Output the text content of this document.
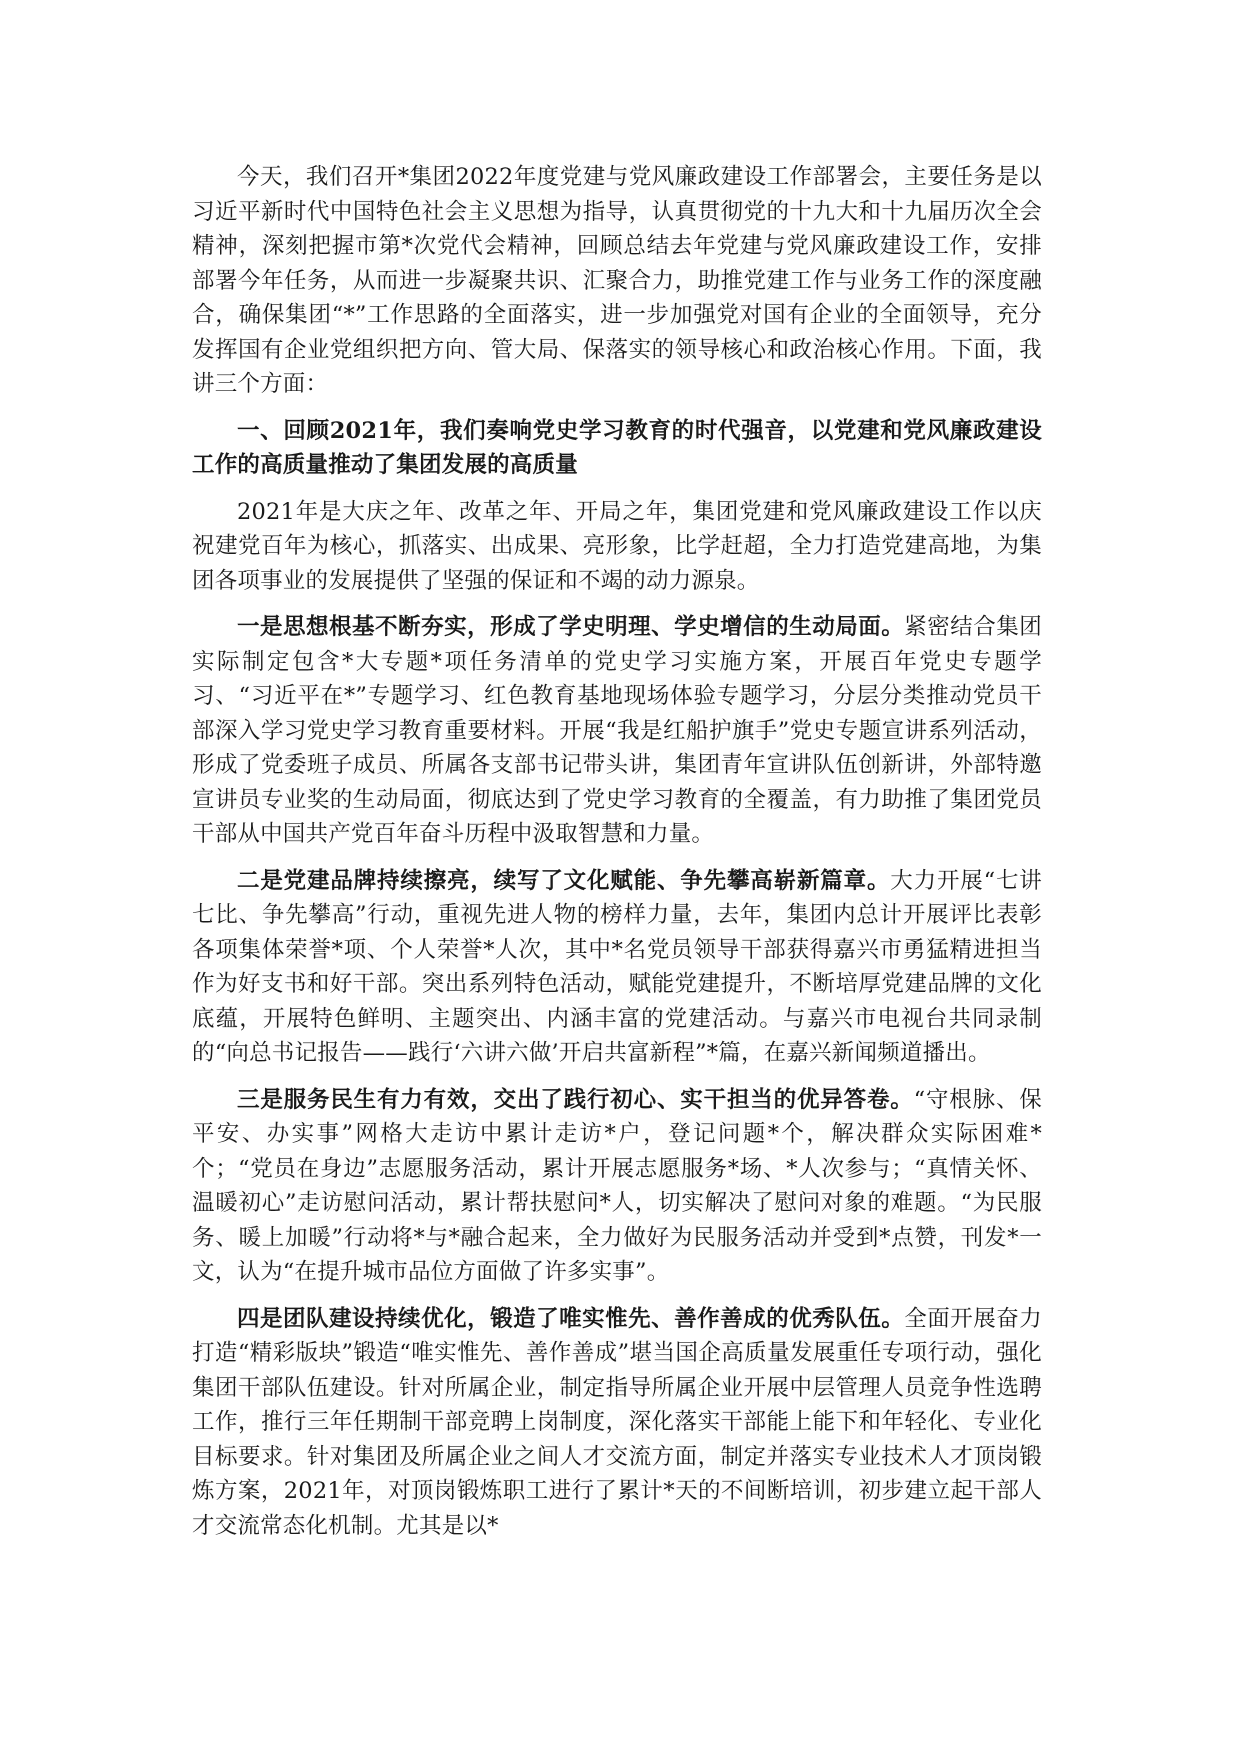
今天，我们召开*集团2022年度党建与党风廉政建设工作部署会，主要任务是以习近平新时代中国特色社会主义思想为指导，认真贯彻党的十九大和十九届历次全会精神，深刻把握市第*次党代会精神，回顾总结去年党建与党风廉政建设工作，安排部署今年任务，从而进一步凝聚共识、汇聚合力，助推党建工作与业务工作的深度融合，确保集团“*”工作思路的全面落实，进一步加强党对国有企业的全面领导，充分发挥国有企业党组织把方向、管大局、保落实的领导核心和政治核心作用。下面，我讲三个方面：

一、回顾2021年，我们奏响党史学习教育的时代强音，以党建和党风廉政建设工作的高质量推动了集团发展的高质量

2021年是大庆之年、改革之年、开局之年，集团党建和党风廉政建设工作以庆祝建党百年为核心，抓落实、出成果、亮形象，比学赶超，全力打造党建高地，为集团各项事业的发展提供了坚强的保证和不竭的动力源泉。

一是思想根基不断夯实，形成了学史明理、学史增信的生动局面。紧密结合集团实际制定包含*大专题*项任务清单的党史学习实施方案，开展百年党史专题学习、“习近平在*”专题学习、红色教育基地现场体验专题学习，分层分类推动党员干部深入学习党史学习教育重要材料。开展“我是红船护旗手”党史专题宣讲系列活动，形成了党委班子成员、所属各支部书记带头讲，集团青年宣讲队伍创新讲，外部特邀宣讲员专业奖的生动局面，彻底达到了党史学习教育的全覆盖，有力助推了集团党员干部从中国共产党百年奋斗历程中汲取智慧和力量。

二是党建品牌持续擦亮，续写了文化赋能、争先攀高崭新篇章。大力开展“七讲七比、争先攀高”行动，重视先进人物的榜样力量，去年，集团内总计开展评比表彰各项集体荣誉*项、个人荣誉*人次，其中*名党员领导干部获得嘉兴市勇猛精进担当作为好支书和好干部。突出系列特色活动，赋能党建提升，不断培厚党建品牌的文化底蕴，开展特色鲜明、主题突出、内涵丰富的党建活动。与嘉兴市电视台共同录制的“向总书记报告——践行‘六讲六做’开启共富新程”*篇，在嘉兴新闻频道播出。

三是服务民生有力有效，交出了践行初心、实干担当的优异答卷。“守根脉、保平安、办实事”网格大走访中累计走访*户，登记问题*个，解决群众实际困难*个；“党员在身边”志愿服务活动，累计开展志愿服务*场、*人次参与；“真情关怀、温暖初心”走访慰问活动，累计帮扶慰问*人，切实解决了慰问对象的难题。“为民服务、暖上加暖”行动将*与*融合起来，全力做好为民服务活动并受到*点赞，刊发*一文，认为“在提升城市品位方面做了许多实事”。

四是团队建设持续优化，锻造了唯实惟先、善作善成的优秀队伍。全面开展奋力打造“精彩版块”锻造“唯实惟先、善作善成”堪当国企高质量发展重任专项行动，强化集团干部队伍建设。针对所属企业，制定指导所属企业开展中层管理人员竞争性选聘工作，推行三年任期制干部竞聘上岗制度，深化落实干部能上能下和年轻化、专业化目标要求。针对集团及所属企业之间人才交流方面，制定并落实专业技术人才顶岗锻炼方案，2021年，对顶岗锻炼职工进行了累计*天的不间断培训，初步建立起干部人才交流常态化机制。尤其是以*
